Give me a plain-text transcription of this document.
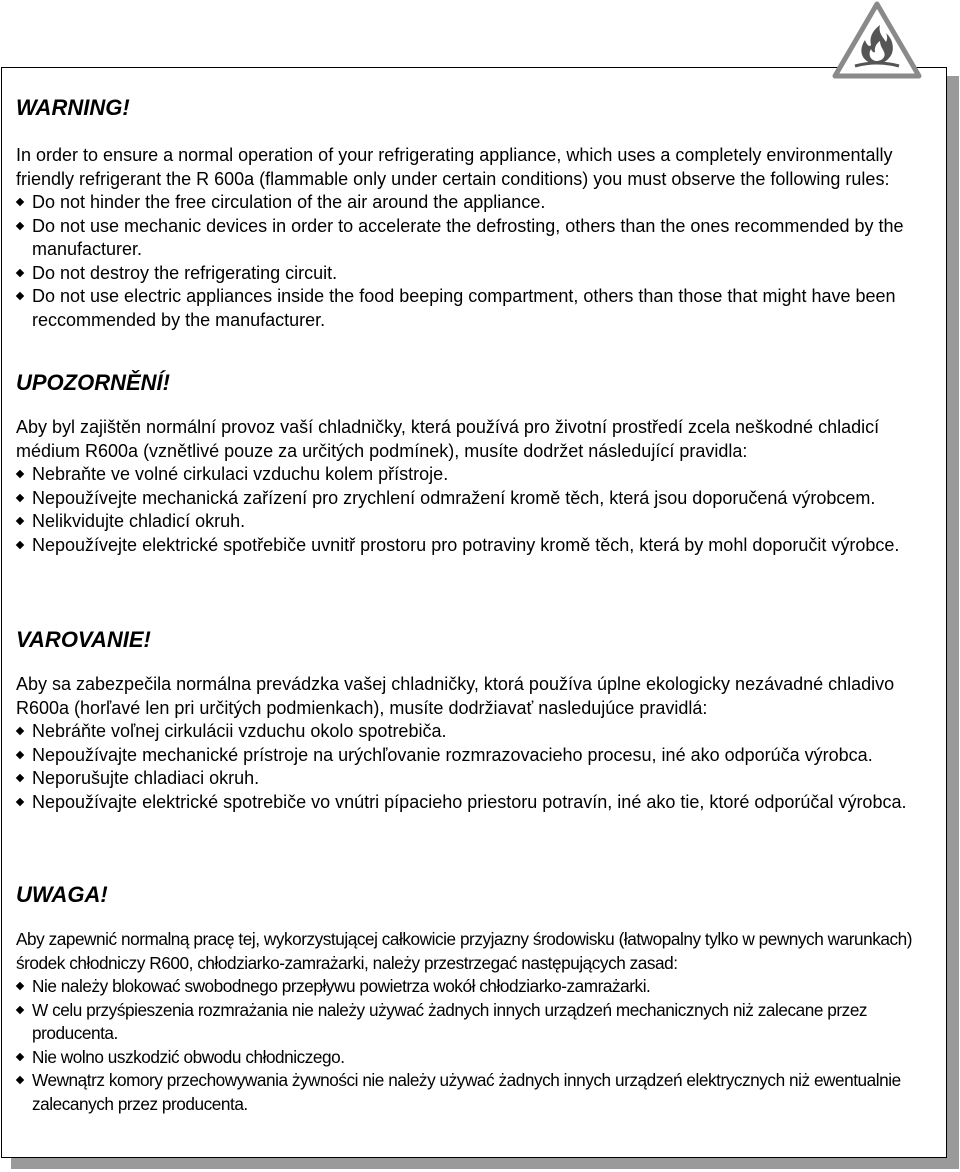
WARNING!

In order to ensure a normal operation of your refrigerating appliance, which uses a completely environmentally friendly refrigerant the R 600a (flammable only under certain conditions) you must observe the following rules:

Do not hinder the free circulation of the air around the appliance.
Do not use mechanic devices in order to accelerate the defrosting, others than the ones recommended by the manufacturer.
Do not destroy the refrigerating circuit.
Do not use electric appliances inside the food beeping compartment, others than those that might have been reccommended by the manufacturer.

UPOZORNĚNÍ!

Aby byl zajištěn normální provoz vaší chladničky, která používá pro životní prostředí zcela neškodné chladicí médium R600a (vznětlivé pouze za určitých podmínek), musíte dodržet následující pravidla:

Nebraňte ve volné cirkulaci vzduchu kolem přístroje.
Nepoužívejte mechanická zařízení pro zrychlení odmražení kromě těch, která jsou doporučená výrobcem.
Nelikvidujte chladicí okruh.
Nepoužívejte elektrické spotřebiče uvnitř prostoru pro potraviny kromě těch, která by mohl doporučit výrobce.

VAROVANIE!

Aby sa zabezpečila normálna prevádzka vašej chladničky, ktorá používa úplne ekologicky nezávadné chladivo R600a (horľavé len pri určitých podmienkach), musíte dodržiavať nasledujúce pravidlá:

Nebráňte voľnej cirkulácii vzduchu okolo spotrebiča.
Nepoužívajte mechanické prístroje na urýchľovanie rozmrazovacieho procesu, iné ako odporúča výrobca.
Neporušujte chladiaci okruh.
Nepoužívajte elektrické spotrebiče vo vnútri pípacieho priestoru potravín, iné ako tie, ktoré odporúčal výrobca.

UWAGA!

Aby zapewnić normalną pracę tej, wykorzystującej całkowicie przyjazny środowisku (łatwopalny tylko w pewnych warunkach) środek chłodniczy R600, chłodziarko-zamrażarki, należy przestrzegać następujących zasad:

Nie należy blokować swobodnego przepływu powietrza wokół chłodziarko-zamrażarki.
W celu przyśpieszenia rozmrażania nie należy używać żadnych innych urządzeń mechanicznych niż zalecane przez producenta.
Nie wolno uszkodzić obwodu chłodniczego.
Wewnątrz komory przechowywania żywności nie należy używać żadnych innych urządzeń elektrycznych niż ewentualnie zalecanych przez producenta.
